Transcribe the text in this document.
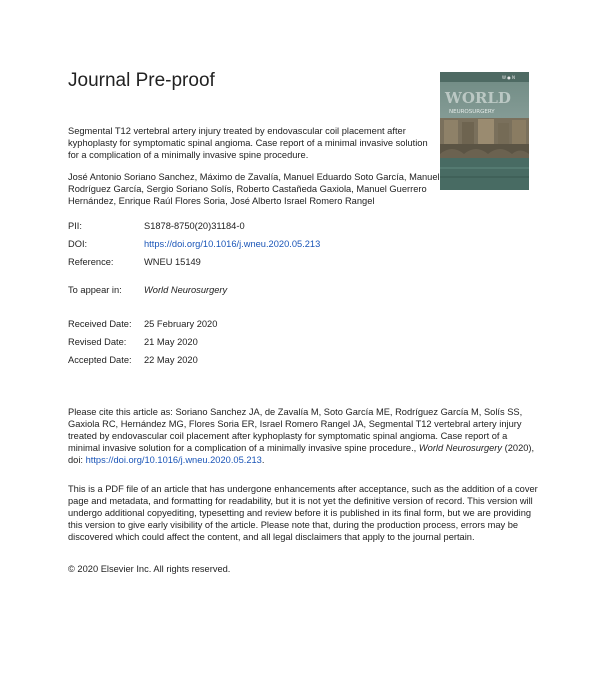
Journal Pre-proof	W ● N
WORLD
NEUROSURGERY
Segmental T12 vertebral artery injury treated by endovascular coil placement after kyphoplasty for symptomatic spinal angioma. Case report of a minimal invasive solution for a complication of a minimally invasive spine procedure.
José Antonio Soriano Sanchez, Máximo de Zavalía, Manuel Eduardo Soto García, Manuel Rodríguez García, Sergio Soriano Solís, Roberto Castañeda Gaxiola, Manuel Guerrero Hernández, Enrique Raúl Flores Soria, José Alberto Israel Romero Rangel
PII:	S1878-8750(20)31184-0
DOI:	https://doi.org/10.1016/j.wneu.2020.05.213
Reference:	WNEU 15149
To appear in:	World Neurosurgery
Received Date:	25 February 2020
Revised Date:	21 May 2020
Accepted Date:	22 May 2020
Please cite this article as: Soriano Sanchez JA, de Zavalía M, Soto García ME, Rodríguez García M, Solís SS, Gaxiola RC, Hernández MG, Flores Soria ER, Israel Romero Rangel JA, Segmental T12 vertebral artery injury treated by endovascular coil placement after kyphoplasty for symptomatic spinal angioma. Case report of a minimal invasive solution for a complication of a minimally invasive spine procedure., World Neurosurgery (2020), doi: https://doi.org/10.1016/j.wneu.2020.05.213.
This is a PDF file of an article that has undergone enhancements after acceptance, such as the addition of a cover page and metadata, and formatting for readability, but it is not yet the definitive version of record. This version will undergo additional copyediting, typesetting and review before it is published in its final form, but we are providing this version to give early visibility of the article. Please note that, during the production process, errors may be discovered which could affect the content, and all legal disclaimers that apply to the journal pertain.
© 2020 Elsevier Inc. All rights reserved.
